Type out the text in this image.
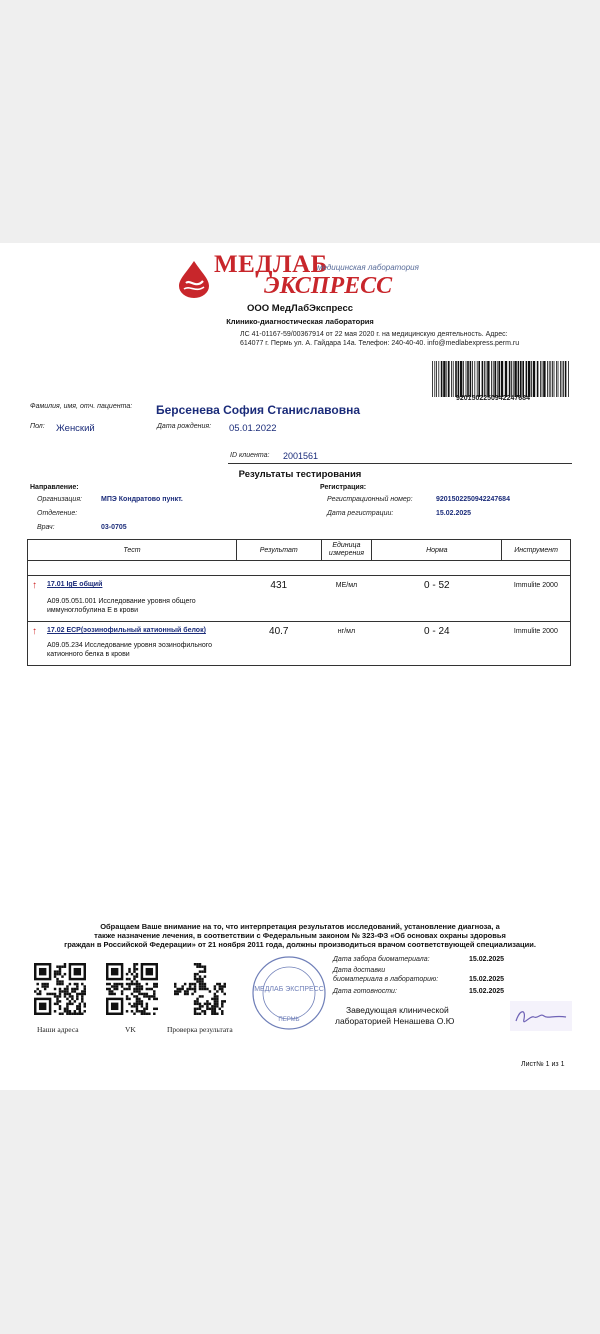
МЕДЛАБ
медицинская лаборатория
ЭКСПРЕСС
ООО МедЛабЭкспресс
Клинико-диагностическая лаборатория
ЛС 41-01167-59/00367914 от 22 мая 2020 г. на медицинскую деятельность. Адрес:
614077 г. Пермь ул. А. Гайдара 14а. Телефон: 240-40-40. info@medlabexpress.perm.ru
92015022509422476​84
Фамилия, имя, отч. пациента: Берсенева София Станиславовна
Пол: Женский	Дата рождения: 05.01.2022
ID клиента: 2001561
Результаты тестирования
Направление:
Организация:	МПЭ Кондратово пункт.
Отделение:
Врач:	03-0705
Регистрация:
Регистрационный номер:	92015022509422476​84
Дата регистрации:	15.02.2025
Тест	Результат	Единица
измерения	Норма	Инструмент

↑ 17.01 IgE общий
A09.05.051.001 Исследование уровня общего
иммуноглобулина Е в крови	431	МЕ/мл	0 - 52	Immulite 2000

↑ 17.02 ЕСР(эозинофильный катионный белок)
A09.05.234 Исследование уровня эозинофильного
катионного белка в крови	40.7	нг/мл	0 - 24	Immulite 2000
Обращаем Ваше внимание на то, что интерпретация результатов исследований, установление диагноза, а
также назначение лечения, в соответствии с Федеральным законом № 323-ФЗ «Об основах охраны здоровья
граждан в Российской Федерации» от 21 ноября 2011 года, должны производиться врачом соответствующей специализации.
Наши адреса	VK	Проверка результата
МЕДЛАБ ЭКСПРЕСС
ПЕРМЬ
Дата забора биоматериала:	15.02.2025
Дата доставки
биоматериала в лабораторию:	15.02.2025
Дата готовности:	15.02.2025
Заведующая клинической
лабораторией Ненашева О.Ю
Лист№ 1 из 1
